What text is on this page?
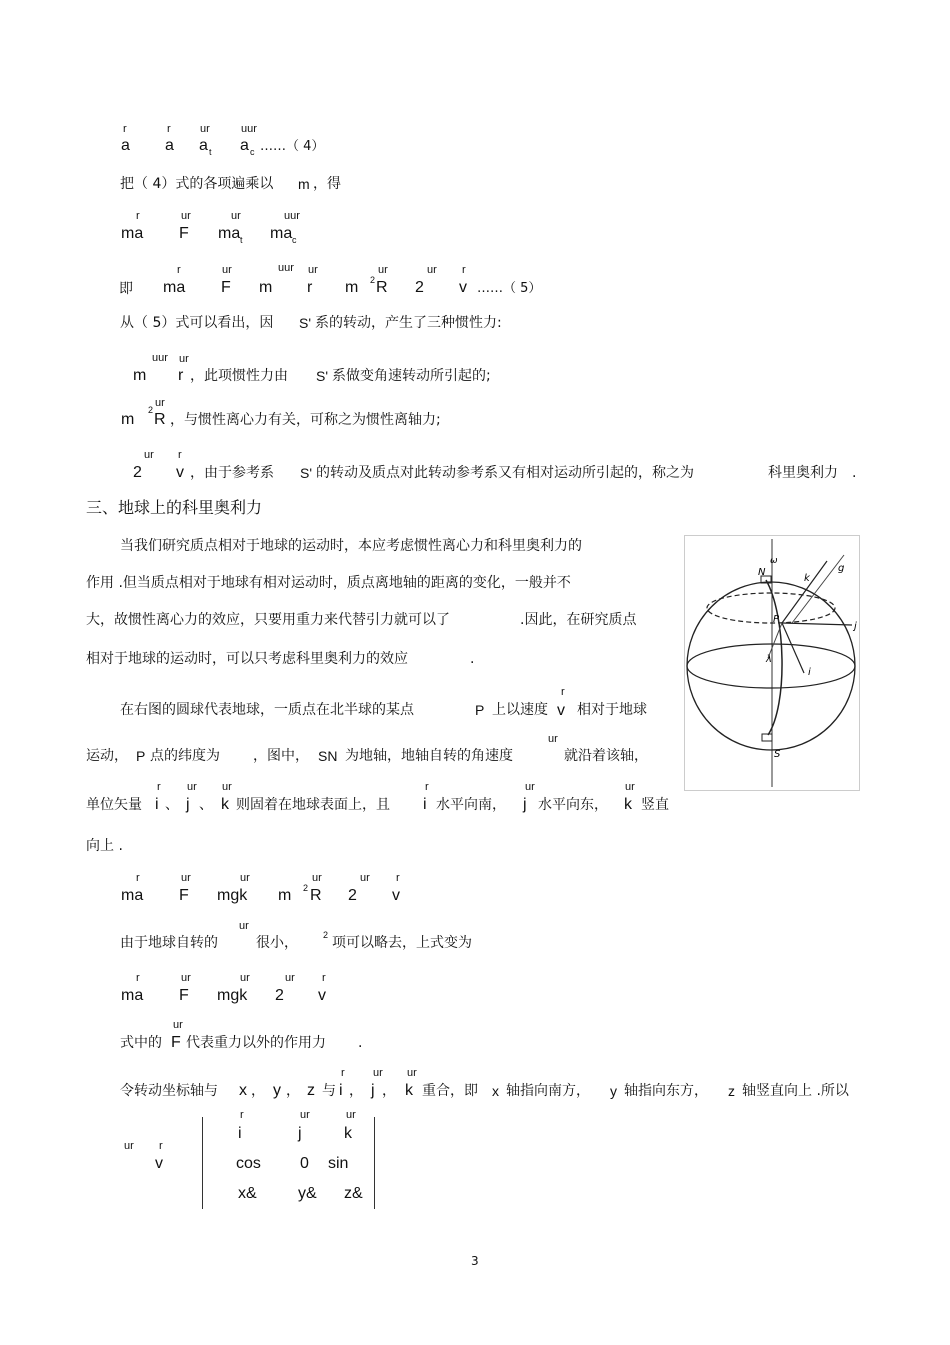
r	r	ur	uur
a a a t a c ……（ 4）
把（ 4）式的各项遍乘以 m ，得
r	ur	ur	uur
ma F ma t ma c
r	ur	uur ur	ur	ur r
即 ma F m r m 2 R 2 v ……（ 5）
从（ 5）式可以看出，因 S' 系的转动，产生了三种惯性力:
uur ur
m r ，此项惯性力由 S' 系做变角速转动所引起的;
ur
m
2
R ，与惯性离心力有关，可称之为惯性离轴力;
ur r
2 v ，由于参考系 S' 的转动及质点对此转动参考系又有相对运动所引起的，称之为	科里奥利力 .
三、地球上的科里奥利力
当我们研究质点相对于地球的运动时，本应考虑惯性离心力和科里奥利力的
作用 .但当质点相对于地球有相对运动时，质点离地轴的距离的变化，一般并不
大，故惯性离心力的效应，只要用重力来代替引力就可以了	.因此，在研究质点
相对于地球的运动时，可以只考虑科里奥利力的效应	.
在右图的圆球代表地球，一质点在北半球的某点	P 上以速度
r
v 相对于地球
运动， P 点的纬度为 ，图中， SN 为地轴，地轴自转的角速度
ur
就沿着该轴，
r ur ur
单位矢量 i 、 j 、 k 则固着在地球表面上，且
r
i 水平向南，
ur
j 水平向东，
ur
k 竖直
向上 .
r	ur	ur	ur	ur r
ma F mgk m 2 R 2 v
由于地球自转的
ur
很小，	2 项可以略去，上式变为
r	ur	ur	ur r
ma F mgk 2 v
式中的
ur
F 代表重力以外的作用力 .
令转动坐标轴与 x ， y ， z 与
r
i ，
ur
j ，
ur
k 重合，即 x 轴指向南方， y 轴指向东方， z 轴竖直向上 .所以
ur r
v
r	ur	ur
i	j	k
cos 0 sin
x&	y& z&
ω
N
k
g
P
j
λ
i
S
3
